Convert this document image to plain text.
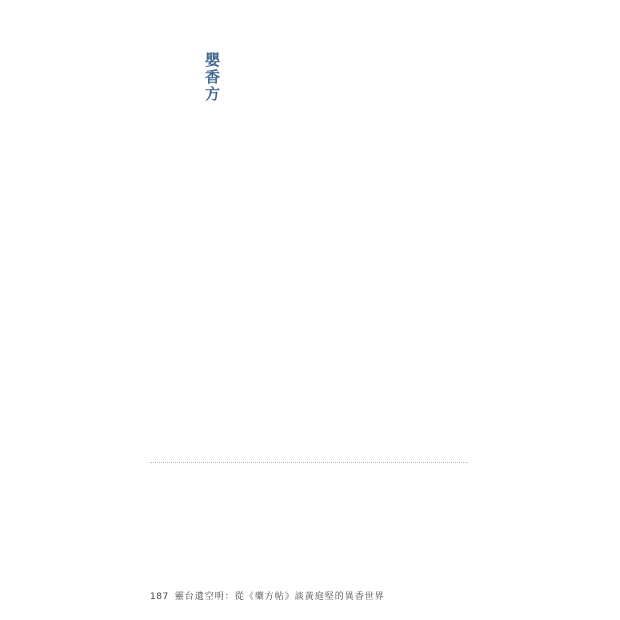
嬰香方
187 靈台遺空明：從《藥方帖》談黃庭堅的異香世界
